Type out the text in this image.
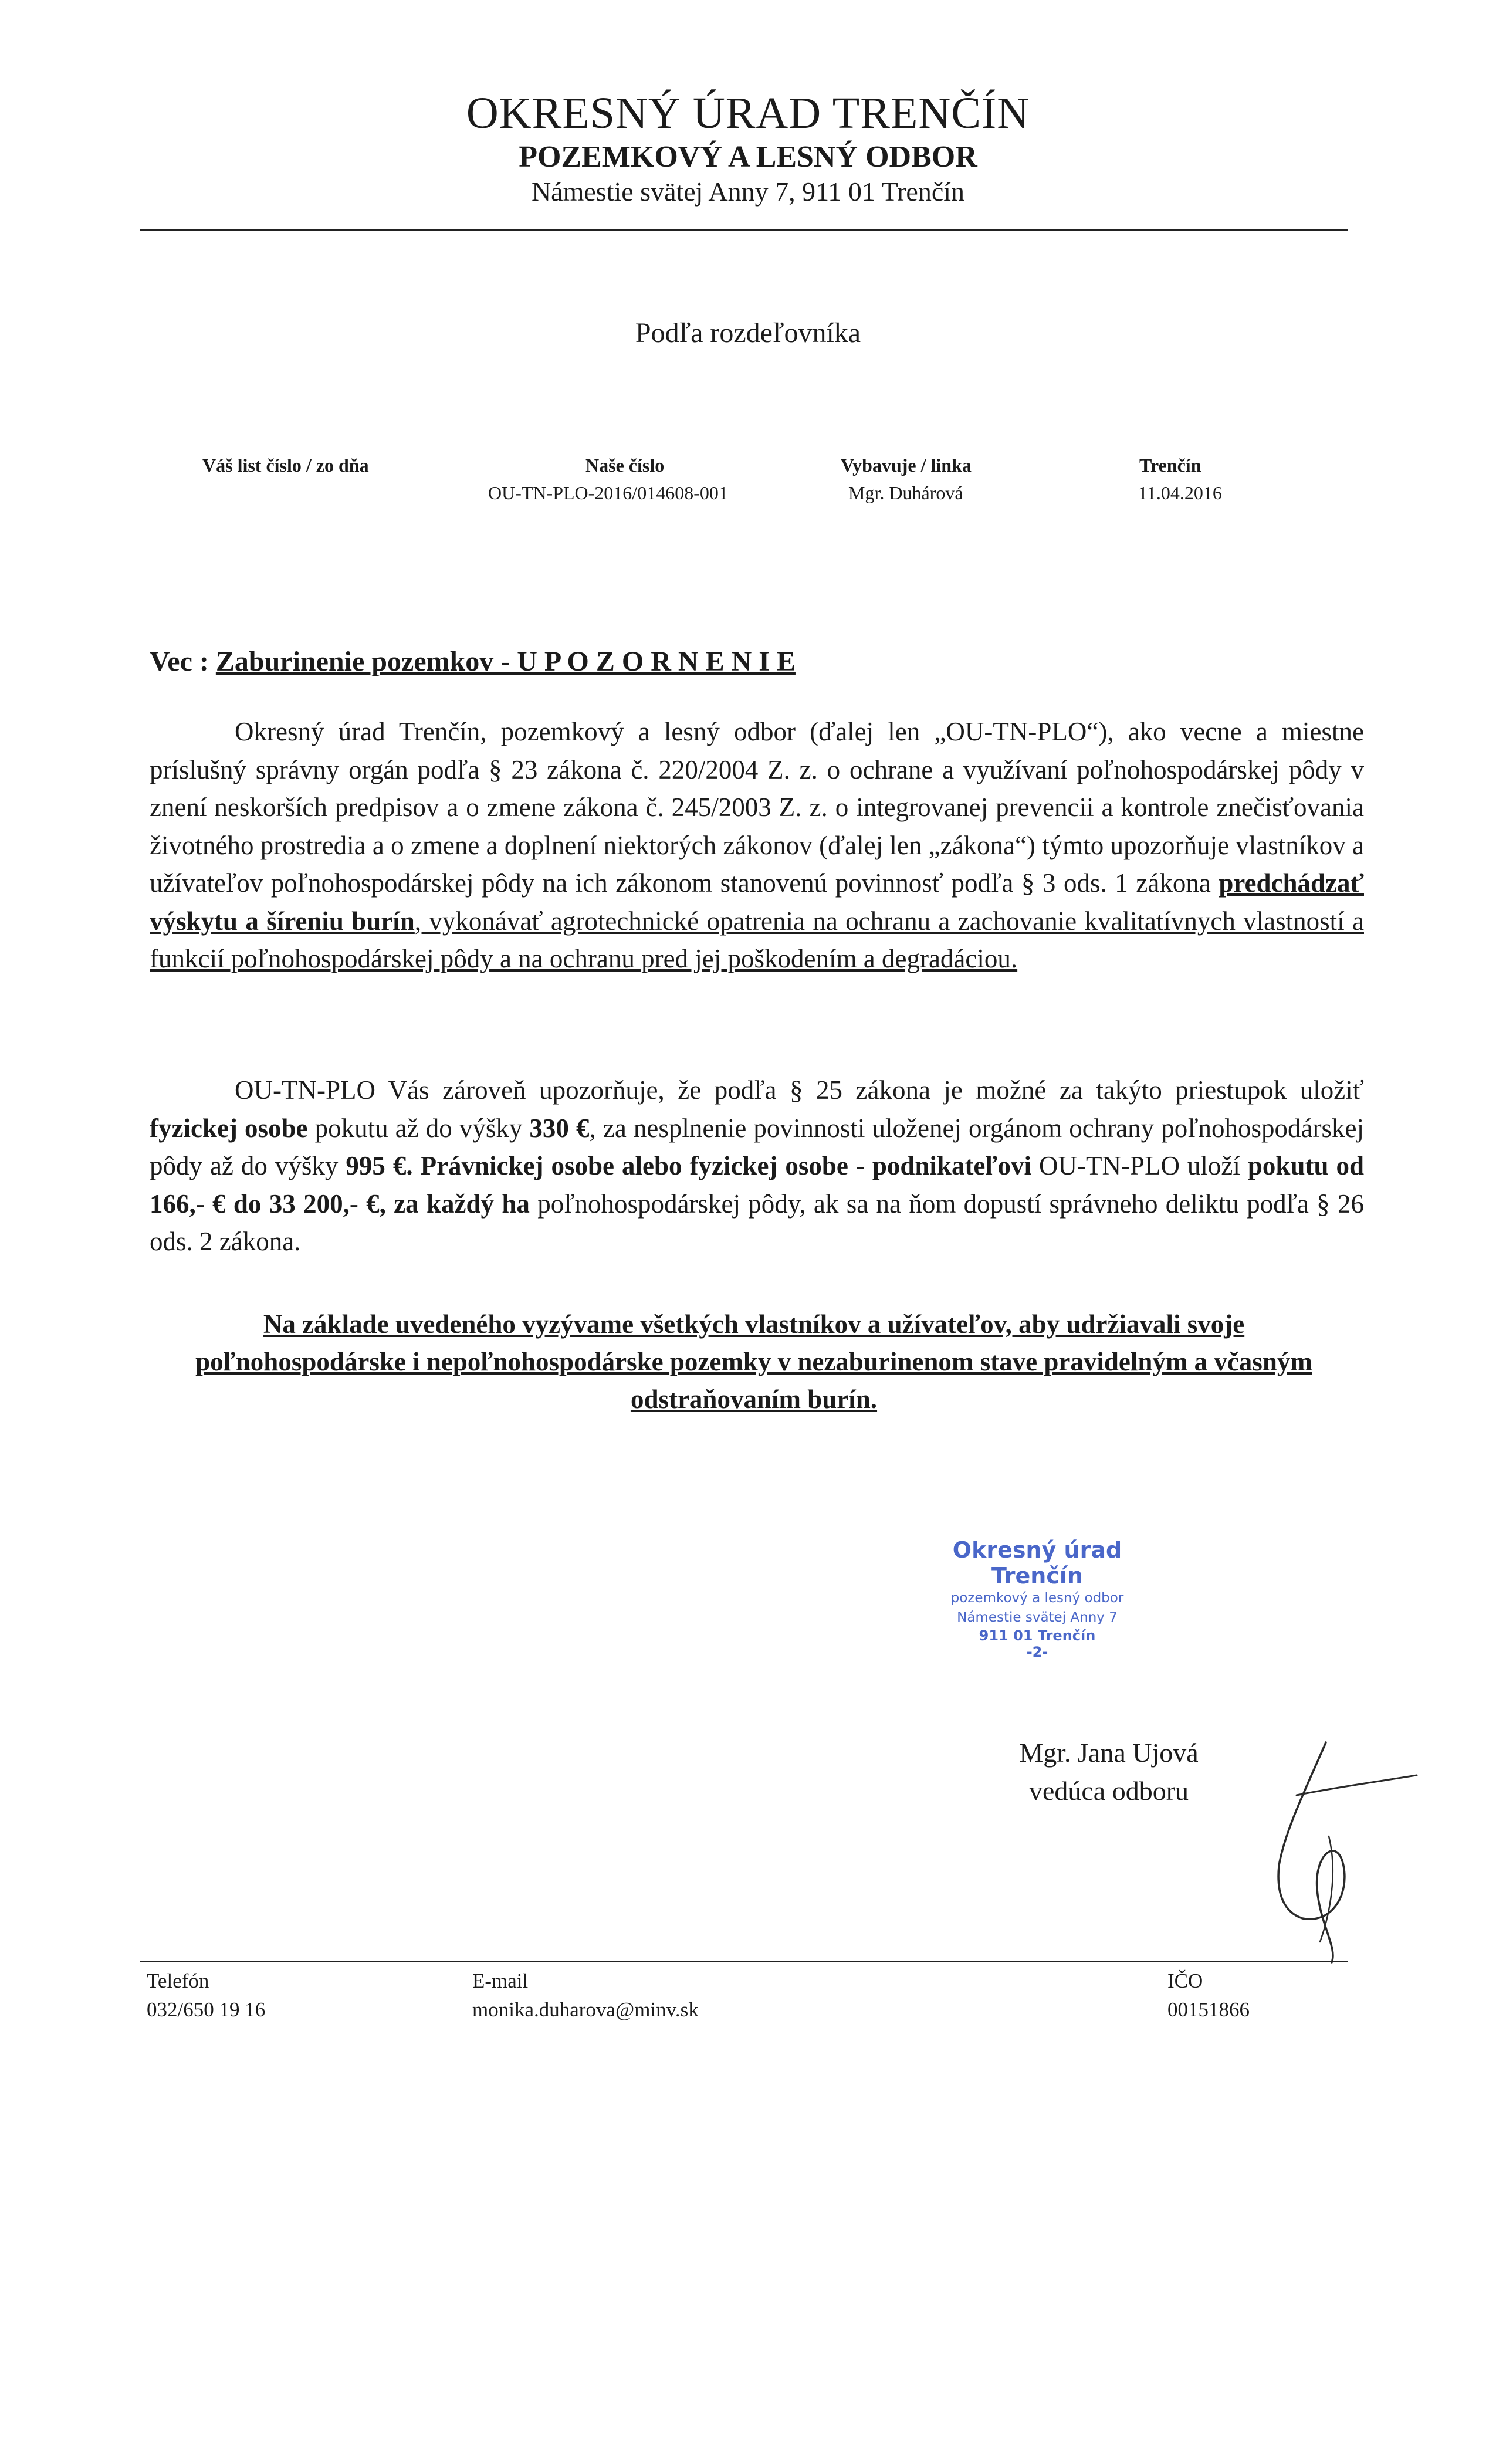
OKRESNÝ ÚRAD TRENČÍN
POZEMKOVÝ A LESNÝ ODBOR
Námestie svätej Anny 7, 911 01 Trenčín
Podľa rozdeľovníka
Váš list číslo / zo dňa	Naše číslo
OU-TN-PLO-2016/014608-001
Vybavuje / linka
Mgr. Duhárová
Trenčín
11.04.2016
Vec : Zaburinenie pozemkov - U P O Z O R N E N I E

Okresný úrad Trenčín, pozemkový a lesný odbor (ďalej len „OU-TN-PLO“), ako vecne a miestne príslušný správny orgán podľa § 23 zákona č. 220/2004 Z. z. o ochrane a využívaní poľnohospodárskej pôdy v znení neskorších predpisov a o zmene zákona č. 245/2003 Z. z. o integrovanej prevencii a kontrole znečisťovania životného prostredia a o zmene a doplnení niektorých zákonov (ďalej len „zákona“) týmto upozorňuje vlastníkov a užívateľov poľnohospodárskej pôdy na ich zákonom stanovenú povinnosť podľa § 3 ods. 1 zákona predchádzať výskytu a šíreniu burín, vykonávať agrotechnické opatrenia na ochranu a zachovanie kvalitatívnych vlastností a funkcií poľnohospodárskej pôdy a na ochranu pred jej poškodením a degradáciou.

OU-TN-PLO Vás zároveň upozorňuje, že podľa § 25 zákona je možné za takýto priestupok uložiť fyzickej osobe pokutu až do výšky 330 €, za nesplnenie povinnosti uloženej orgánom ochrany poľnohospodárskej pôdy až do výšky 995 €. Právnickej osobe alebo fyzickej osobe - podnikateľovi OU-TN-PLO uloží pokutu od 166,- € do 33 200,- €, za každý ha poľnohospodárskej pôdy, ak sa na ňom dopustí správneho deliktu podľa § 26 ods. 2 zákona.

Na základe uvedeného vyzývame všetkých vlastníkov a užívateľov, aby udržiavali svoje poľnohospodárske i nepoľnohospodárske pozemky v nezaburinenom stave pravidelným a včasným odstraňovaním burín.

Okresný úrad Trenčín
pozemkový a lesný odbor
Námestie svätej Anny 7
911 01 Trenčín
-2-
Mgr. Jana Ujová
vedúca odboru
Telefón
032/650 19 16
E-mail
monika.duharova@minv.sk
IČO
00151866
